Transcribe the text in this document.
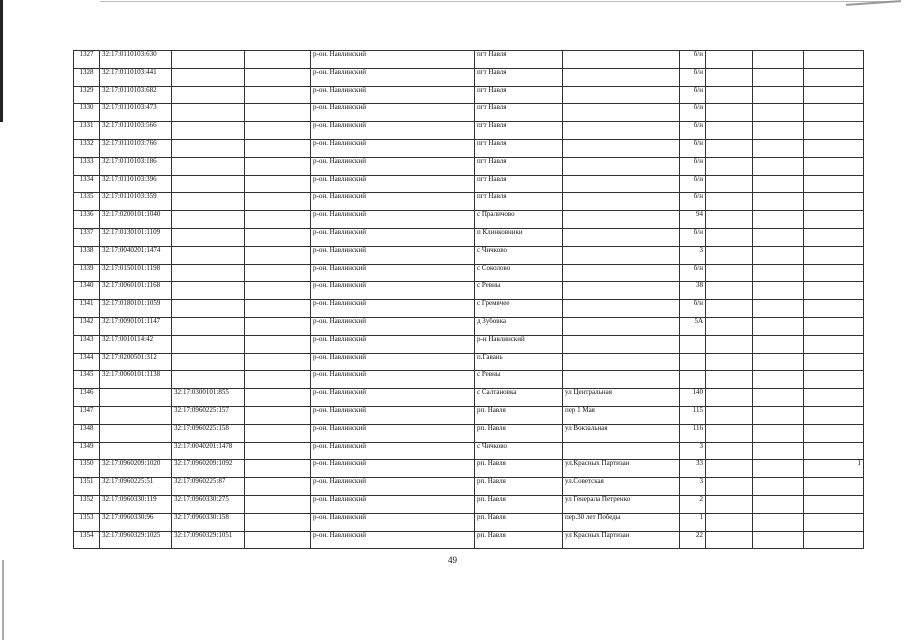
1327	32:17:0110103:630			р-он. Навлинский	пгт Навля		б/н			
1328	32:17:0110103:441			р-он. Навлинский	пгт Навля		б/н			
1329	32:17:0110103:682			р-он. Навлинский	пгт Навля		б/н			
1330	32:17:0110103:473			р-он. Навлинский	пгт Навля		б/н			
1331	32:17:0110103:566			р-он. Навлинский	пгт Навля		б/н			
1332	32:17:0110103:766			р-он. Навлинский	пгт Навля		б/н			
1333	32:17:0110103:186			р-он. Навлинский	пгт Навля		б/н			
1334	32:17:0110103:396			р-он. Навлинский	пгт Навля		б/н			
1335	32:17:0110103:359			р-он. Навлинский	пгт Навля		б/н			
1336	32:17:0200101:1040			р-он. Навлинский	с Праличово		94			
1337	32:17:0130101:1109			р-он. Навлинский	п Клинковники		б/н			
1338	32:17:0040201:1474			р-он. Навлинский	с Чичково		3			
1339	32:17:0150101:1198			р-он. Навлинский	с Соколово		б/н			
1340	32:17:0060101:1168			р-он. Навлинский	с Ревны		38			
1341	32:17:0180101:1059			р-он. Навлинский	с Гремячее		б/н			
1342	32:17:0090101:1147			р-он. Навлинский	д Зубовка		5А			
1343	32:17:0010114:42			р-он. Навлинский	р-н Навлинский					
1344	32:17:0200501:312			р-он. Навлинский	п.Гавань					
1345	32:17:0060101:1138			р-он. Навлинский	с Ревны					
1346		32:17:0300101:855		р-он. Навлинский	с Салтановка	ул Центральная	140			
1347		32:17:0960225:157		р-он. Навлинский	рп. Навля	пер 1 Мая	115			
1348		32:17:0960225:158		р-он. Навлинский	рп. Навля	ул Вокзальная	116			
1349		32:17:0040201:1478		р-он. Навлинский	с Чичково		3			
1350	32:17:0960209:1020	32:17:0960209:1092		р-он. Навлинский	рп. Навля	ул.Красных Партизан	33			1
1351	32:17:0960225:51	32:17:0960225:87		р-он. Навлинский	рп. Навля	ул.Советская	3			
1352	32:17:0960330:119	32:17:0960330:275		р-он. Навлинский	рп. Навля	ул Генерала Петренко	2			
1353	32:17:0960330:96	32:17:0960330:158		р-он. Навлинский	рп. Навля	пер.30 лет Победы	1			
1354	32:17:0960329:1025	32:17:0960329:1051		р-он. Навлинский	рп. Навля	ул Красных Партизан	22			
49
